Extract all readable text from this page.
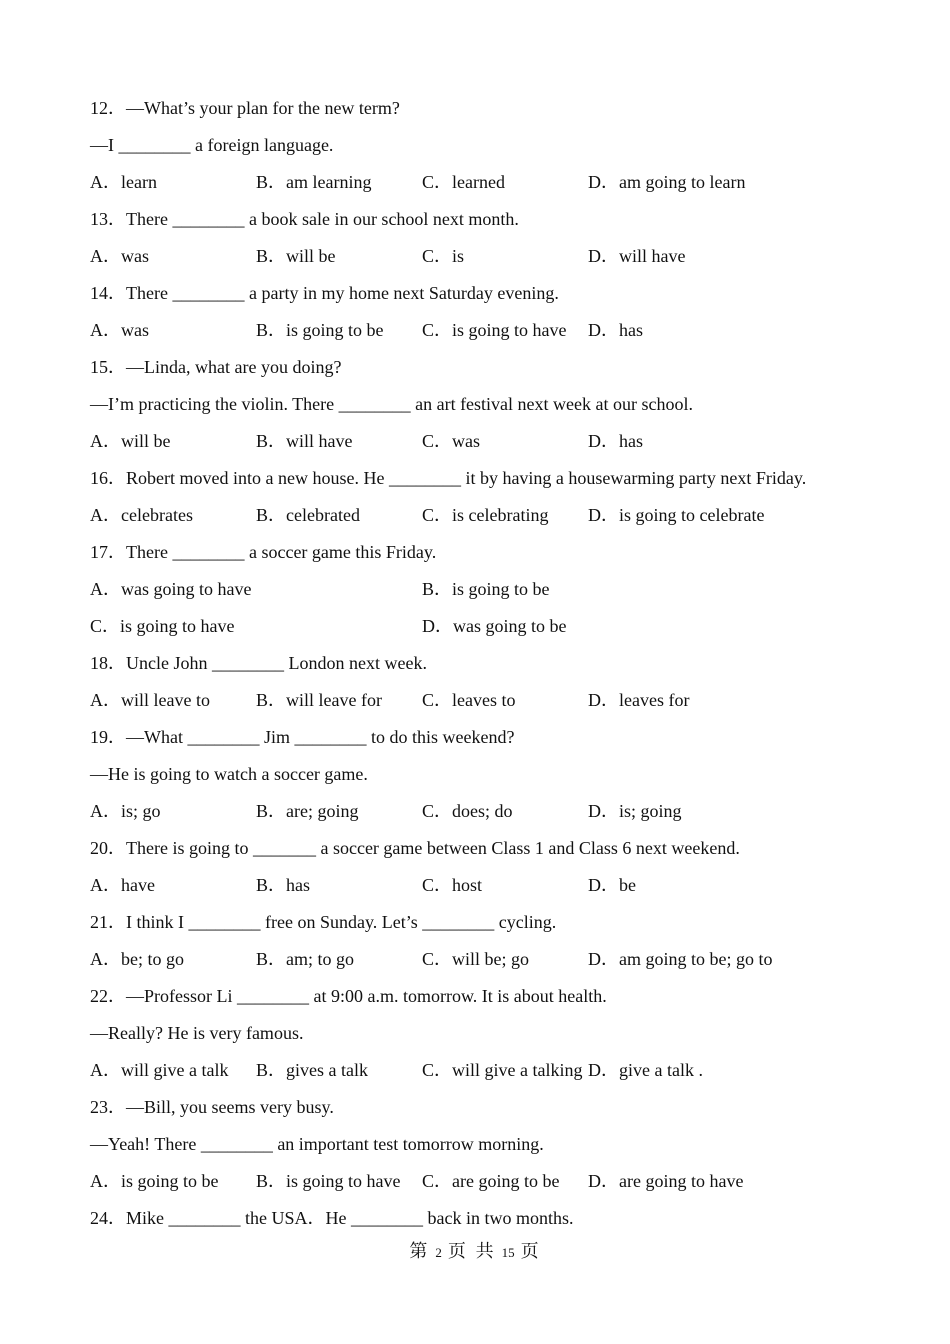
12．—What’s your plan for the new term?
—I ________ a foreign language.
A．learn	B．am learning	C．learned	D．am going to learn
13．There ________ a book sale in our school next month.
A．was	B．will be	C．is	D．will have
14．There ________ a party in my home next Saturday evening.
A．was	B．is going to be	C．is going to have	D．has
15．—Linda, what are you doing?
—I’m practicing the violin. There ________ an art festival next week at our school.
A．will be	B．will have	C．was	D．has
16．Robert moved into a new house. He ________ it by having a housewarming party next Friday.
A．celebrates	B．celebrated	C．is celebrating	D．is going to celebrate
17．There ________ a soccer game this Friday.
A．was going to have	B．is going to be
C．is going to have	D．was going to be
18．Uncle John ________ London next week.
A．will leave to	B．will leave for	C．leaves to	D．leaves for
19．—What ________ Jim ________ to do this weekend?
—He is going to watch a soccer game.
A．is; go	B．are; going	C．does; do	D．is; going
20．There is going to _______ a soccer game between Class 1 and Class 6 next weekend.
A．have	B．has	C．host	D．be
21．I think I ________ free on Sunday. Let’s ________ cycling.
A．be; to go	B．am; to go	C．will be; go	D．am going to be; go to
22．—Professor Li ________ at 9:00 a.m. tomorrow. It is about health.
—Really? He is very famous.
A．will give a talk	B．gives a talk	C．will give a talking D．give a talk .
23．—Bill, you seems very busy.
—Yeah! There ________ an important test tomorrow morning.
A．is going to be	B．is going to have	C．are going to be	D．are going to have
24．Mike ________ the USA．He ________ back in two months.
第 2 页 共 15 页
